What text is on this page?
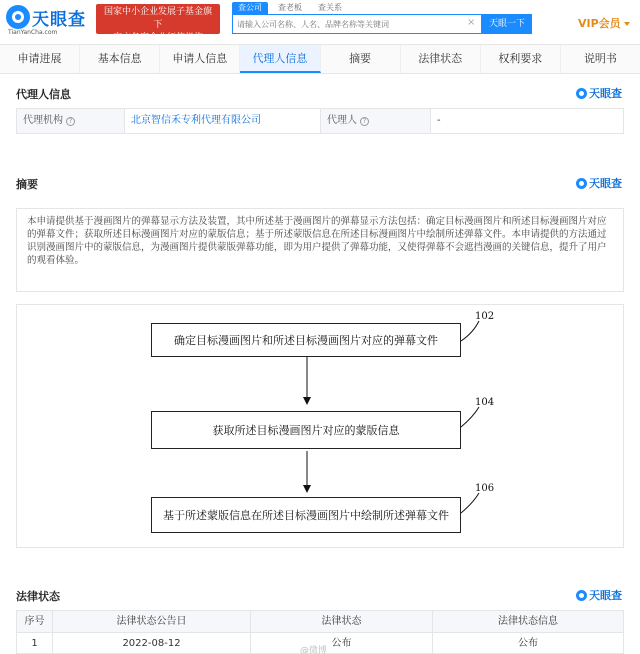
天眼查
TianYanCha.com
国家中小企业发展子基金旗下
官方备案企业征信机构
查公司	查老板	查关系
请输入公司名称、人名、品牌名称等关键词
×	天眼一下	VIP会员
申请进展	基本信息	申请人信息	代理人信息	摘要	法律状态	权利要求	说明书
代理人信息	天眼查
代理机构 ?	北京智信禾专利代理有限公司	代理人 ?	-
摘要	天眼查
本申请提供基于漫画图片的弹幕显示方法及装置，其中所述基于漫画图片的弹幕显示方法包括：确定目标漫画图片和所述目标漫画图片对应的弹幕文件；获取所述目标漫画图片对应的蒙版信息；基于所述蒙版信息在所述目标漫画图片中绘制所述弹幕文件。本申请提供的方法通过识别漫画图片中的蒙版信息，为漫画图片提供蒙版弹幕功能，即为用户提供了弹幕功能，又使得弹幕不会遮挡漫画的关键信息，提升了用户的观看体验。
确定目标漫画图片和所述目标漫画图片对应的弹幕文件
102
获取所述目标漫画图片对应的蒙版信息
104
基于所述蒙版信息在所述目标漫画图片中绘制所述弹幕文件
106
法律状态	天眼查
序号	法律状态公告日	法律状态	法律状态信息
1	2022-08-12	公布	公布
@微博
